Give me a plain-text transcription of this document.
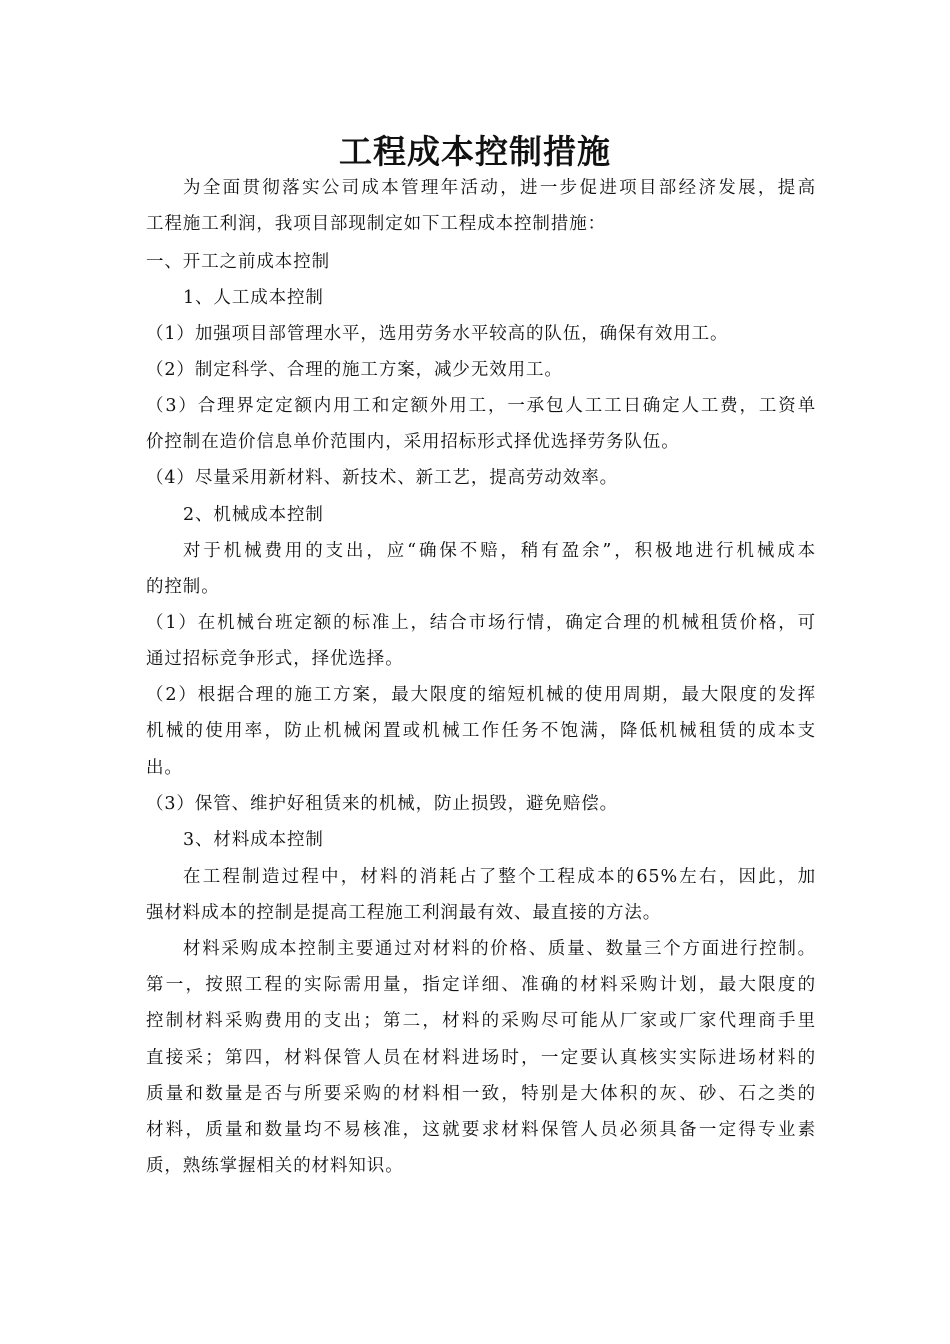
工程成本控制措施
为全面贯彻落实公司成本管理年活动，进一步促进项目部经济发展，提高
工程施工利润，我项目部现制定如下工程成本控制措施：
一、开工之前成本控制
1、人工成本控制
（1）加强项目部管理水平，选用劳务水平较高的队伍，确保有效用工。
（2）制定科学、合理的施工方案，减少无效用工。
（3）合理界定定额内用工和定额外用工，一承包人工工日确定人工费，工资单
价控制在造价信息单价范围内，采用招标形式择优选择劳务队伍。
（4）尽量采用新材料、新技术、新工艺，提高劳动效率。
2、机械成本控制
对于机械费用的支出，应“确保不赔，稍有盈余”，积极地进行机械成本
的控制。
（1）在机械台班定额的标准上，结合市场行情，确定合理的机械租赁价格，可
通过招标竞争形式，择优选择。
（2）根据合理的施工方案，最大限度的缩短机械的使用周期，最大限度的发挥
机械的使用率，防止机械闲置或机械工作任务不饱满，降低机械租赁的成本支
出。
（3）保管、维护好租赁来的机械，防止损毁，避免赔偿。
3、材料成本控制
在工程制造过程中，材料的消耗占了整个工程成本的65%左右，因此，加
强材料成本的控制是提高工程施工利润最有效、最直接的方法。
材料采购成本控制主要通过对材料的价格、质量、数量三个方面进行控制。
第一，按照工程的实际需用量，指定详细、准确的材料采购计划，最大限度的
控制材料采购费用的支出；第二，材料的采购尽可能从厂家或厂家代理商手里
直接采；第四，材料保管人员在材料进场时，一定要认真核实实际进场材料的
质量和数量是否与所要采购的材料相一致，特别是大体积的灰、砂、石之类的
材料，质量和数量均不易核准，这就要求材料保管人员必须具备一定得专业素
质，熟练掌握相关的材料知识。
